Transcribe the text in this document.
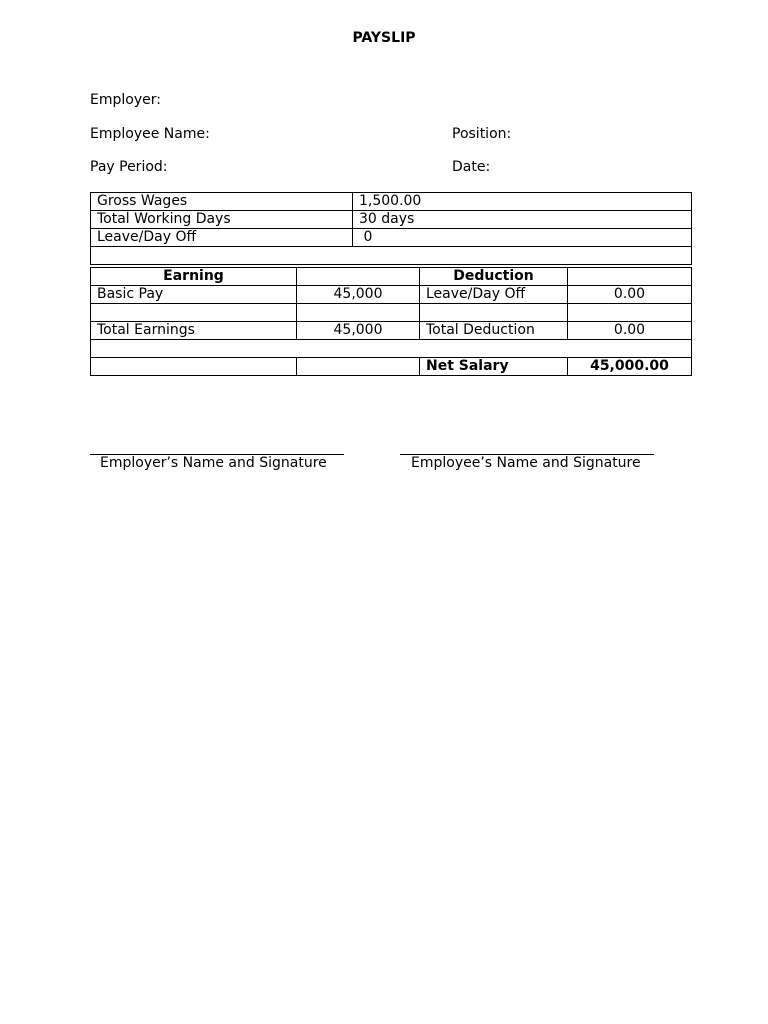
PAYSLIP
Employer:
Employee Name:	Position:
Pay Period:	Date:
Gross Wages	1,500.00
Total Working Days	30 days
Leave/Day Off	0

Earning		Deduction	
Basic Pay	45,000	Leave/Day Off	0.00

Total Earnings	45,000	Total Deduction	0.00

		Net Salary	45,000.00
Employer’s Name and Signature	Employee’s Name and Signature
